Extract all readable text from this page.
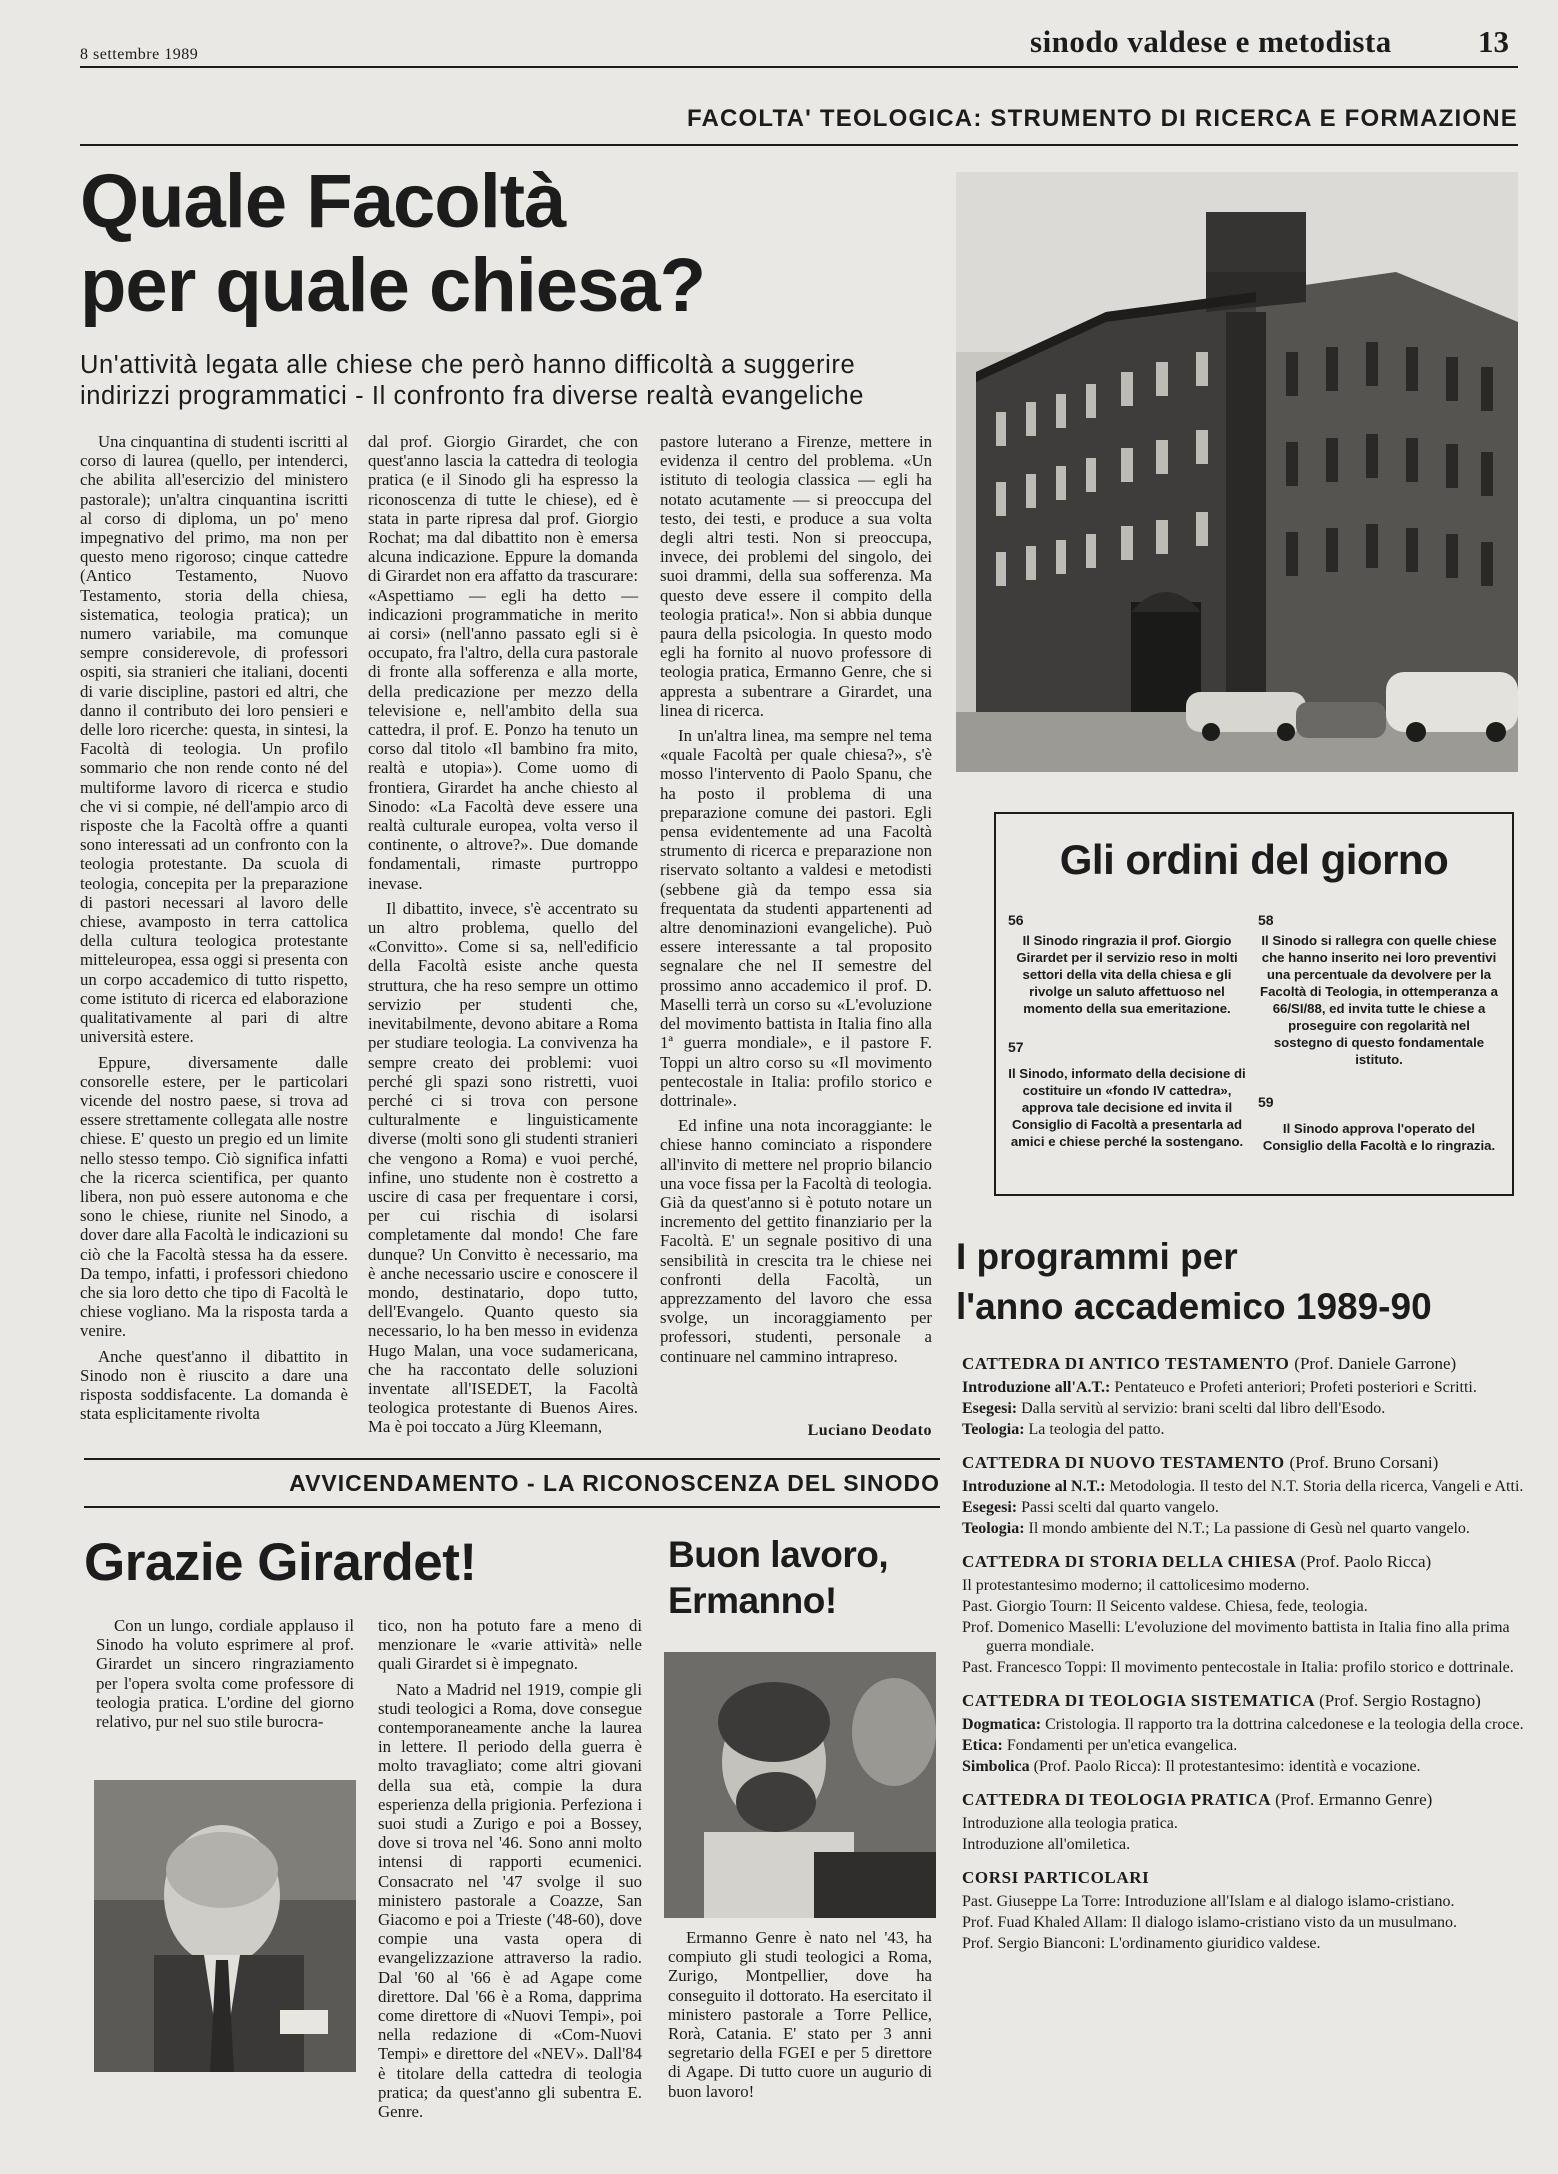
8 settembre 1989	sinodo valdese e metodista	13
FACOLTA' TEOLOGICA: STRUMENTO DI RICERCA E FORMAZIONE
Quale Facoltà
per quale chiesa?
Un'attività legata alle chiese che però hanno difficoltà a suggerire
indirizzi programmatici - Il confronto fra diverse realtà evangeliche

Una cinquantina di studenti iscritti al corso di laurea (quello, per intenderci, che abilita all'esercizio del ministero pastorale); un'altra cinquantina iscritti al corso di diploma, un po' meno impegnativo del primo, ma non per questo meno rigoroso; cinque cattedre (Antico Testamento, Nuovo Testamento, storia della chiesa, sistematica, teologia pratica); un numero variabile, ma comunque sempre considerevole, di professori ospiti, sia stranieri che italiani, docenti di varie discipline, pastori ed altri, che danno il contributo dei loro pensieri e delle loro ricerche: questa, in sintesi, la Facoltà di teologia. Un profilo sommario che non rende conto né del multiforme lavoro di ricerca e studio che vi si compie, né dell'ampio arco di risposte che la Facoltà offre a quanti sono interessati ad un confronto con la teologia protestante. Da scuola di teologia, concepita per la preparazione di pastori necessari al lavoro delle chiese, avamposto in terra cattolica della cultura teologica protestante mitteleuropea, essa oggi si presenta con un corpo accademico di tutto rispetto, come istituto di ricerca ed elaborazione qualitativamente al pari di altre università estere.

Eppure, diversamente dalle consorelle estere, per le particolari vicende del nostro paese, si trova ad essere strettamente collegata alle nostre chiese. E' questo un pregio ed un limite nello stesso tempo. Ciò significa infatti che la ricerca scientifica, per quanto libera, non può essere autonoma e che sono le chiese, riunite nel Sinodo, a dover dare alla Facoltà le indicazioni su ciò che la Facoltà stessa ha da essere. Da tempo, infatti, i professori chiedono che sia loro detto che tipo di Facoltà le chiese vogliano. Ma la risposta tarda a venire.

Anche quest'anno il dibattito in Sinodo non è riuscito a dare una risposta soddisfacente. La domanda è stata esplicitamente rivolta

dal prof. Giorgio Girardet, che con quest'anno lascia la cattedra di teologia pratica (e il Sinodo gli ha espresso la riconoscenza di tutte le chiese), ed è stata in parte ripresa dal prof. Giorgio Rochat; ma dal dibattito non è emersa alcuna indicazione. Eppure la domanda di Girardet non era affatto da trascurare: «Aspettiamo — egli ha detto — indicazioni programmatiche in merito ai corsi» (nell'anno passato egli si è occupato, fra l'altro, della cura pastorale di fronte alla sofferenza e alla morte, della predicazione per mezzo della televisione e, nell'ambito della sua cattedra, il prof. E. Ponzo ha tenuto un corso dal titolo «Il bambino fra mito, realtà e utopia»). Come uomo di frontiera, Girardet ha anche chiesto al Sinodo: «La Facoltà deve essere una realtà culturale europea, volta verso il continente, o altrove?». Due domande fondamentali, rimaste purtroppo inevase.

Il dibattito, invece, s'è accentrato su un altro problema, quello del «Convitto». Come si sa, nell'edificio della Facoltà esiste anche questa struttura, che ha reso sempre un ottimo servizio per studenti che, inevitabilmente, devono abitare a Roma per studiare teologia. La convivenza ha sempre creato dei problemi: vuoi perché gli spazi sono ristretti, vuoi perché ci si trova con persone culturalmente e linguisticamente diverse (molti sono gli studenti stranieri che vengono a Roma) e vuoi perché, infine, uno studente non è costretto a uscire di casa per frequentare i corsi, per cui rischia di isolarsi completamente dal mondo! Che fare dunque? Un Convitto è necessario, ma è anche necessario uscire e conoscere il mondo, destinatario, dopo tutto, dell'Evangelo. Quanto questo sia necessario, lo ha ben messo in evidenza Hugo Malan, una voce sudamericana, che ha raccontato delle soluzioni inventate all'ISEDET, la Facoltà teologica protestante di Buenos Aires. Ma è poi toccato a Jürg Kleemann,

pastore luterano a Firenze, mettere in evidenza il centro del problema. «Un istituto di teologia classica — egli ha notato acutamente — si preoccupa del testo, dei testi, e produce a sua volta degli altri testi. Non si preoccupa, invece, dei problemi del singolo, dei suoi drammi, della sua sofferenza. Ma questo deve essere il compito della teologia pratica!». Non si abbia dunque paura della psicologia. In questo modo egli ha fornito al nuovo professore di teologia pratica, Ermanno Genre, che si appresta a subentrare a Girardet, una linea di ricerca.

In un'altra linea, ma sempre nel tema «quale Facoltà per quale chiesa?», s'è mosso l'intervento di Paolo Spanu, che ha posto il problema di una preparazione comune dei pastori. Egli pensa evidentemente ad una Facoltà strumento di ricerca e preparazione non riservato soltanto a valdesi e metodisti (sebbene già da tempo essa sia frequentata da studenti appartenenti ad altre denominazioni evangeliche). Può essere interessante a tal proposito segnalare che nel II semestre del prossimo anno accademico il prof. D. Maselli terrà un corso su «L'evoluzione del movimento battista in Italia fino alla 1ª guerra mondiale», e il pastore F. Toppi un altro corso su «Il movimento pentecostale in Italia: profilo storico e dottrinale».

Ed infine una nota incoraggiante: le chiese hanno cominciato a rispondere all'invito di mettere nel proprio bilancio una voce fissa per la Facoltà di teologia. Già da quest'anno si è potuto notare un incremento del gettito finanziario per la Facoltà. E' un segnale positivo di una sensibilità in crescita tra le chiese nei confronti della Facoltà, un apprezzamento del lavoro che essa svolge, un incoraggiamento per professori, studenti, personale a continuare nel cammino intrapreso.

Luciano Deodato
Gli ordini del giorno
56

Il Sinodo ringrazia il prof. Giorgio Girardet per il servizio reso in molti settori della vita della chiesa e gli rivolge un saluto affettuoso nel momento della sua emeritazione.

57

Il Sinodo, informato della decisione di costituire un «fondo IV cattedra», approva tale decisione ed invita il Consiglio di Facoltà a presentarla ad amici e chiese perché la sostengano.

58

Il Sinodo si rallegra con quelle chiese che hanno inserito nei loro preventivi una percentuale da devolvere per la Facoltà di Teologia, in ottemperanza a 66/SI/88, ed invita tutte le chiese a proseguire con regolarità nel sostegno di questo fondamentale istituto.

59

Il Sinodo approva l'operato del Consiglio della Facoltà e lo ringrazia.

I programmi per
l'anno accademico 1989-90
CATTEDRA DI ANTICO TESTAMENTO (Prof. Daniele Garrone)
Introduzione all'A.T.: Pentateuco e Profeti anteriori; Profeti posteriori e Scritti.
Esegesi: Dalla servitù al servizio: brani scelti dal libro dell'Esodo.
Teologia: La teologia del patto.
CATTEDRA DI NUOVO TESTAMENTO (Prof. Bruno Corsani)
Introduzione al N.T.: Metodologia. Il testo del N.T. Storia della ricerca, Vangeli e Atti.
Esegesi: Passi scelti dal quarto vangelo.
Teologia: Il mondo ambiente del N.T.; La passione di Gesù nel quarto vangelo.
CATTEDRA DI STORIA DELLA CHIESA (Prof. Paolo Ricca)
Il protestantesimo moderno; il cattolicesimo moderno.
Past. Giorgio Tourn: Il Seicento valdese. Chiesa, fede, teologia.
Prof. Domenico Maselli: L'evoluzione del movimento battista in Italia fino alla prima guerra mondiale.
Past. Francesco Toppi: Il movimento pentecostale in Italia: profilo storico e dottrinale.
CATTEDRA DI TEOLOGIA SISTEMATICA (Prof. Sergio Rostagno)
Dogmatica: Cristologia. Il rapporto tra la dottrina calcedonese e la teologia della croce.
Etica: Fondamenti per un'etica evangelica.
Simbolica (Prof. Paolo Ricca): Il protestantesimo: identità e vocazione.
CATTEDRA DI TEOLOGIA PRATICA (Prof. Ermanno Genre)
Introduzione alla teologia pratica.
Introduzione all'omiletica.
CORSI PARTICOLARI
Past. Giuseppe La Torre: Introduzione all'Islam e al dialogo islamo-cristiano.
Prof. Fuad Khaled Allam: Il dialogo islamo-cristiano visto da un musulmano.
Prof. Sergio Bianconi: L'ordinamento giuridico valdese.
AVVICENDAMENTO - LA RICONOSCENZA DEL SINODO
Grazie Girardet!

Con un lungo, cordiale applauso il Sinodo ha voluto esprimere al prof. Girardet un sincero ringraziamento per l'opera svolta come professore di teologia pratica. L'ordine del giorno relativo, pur nel suo stile burocra-

tico, non ha potuto fare a meno di menzionare le «varie attività» nelle quali Girardet si è impegnato.

Nato a Madrid nel 1919, compie gli studi teologici a Roma, dove consegue contemporaneamente anche la laurea in lettere. Il periodo della guerra è molto travagliato; come altri giovani della sua età, compie la dura esperienza della prigionia. Perfeziona i suoi studi a Zurigo e poi a Bossey, dove si trova nel '46. Sono anni molto intensi di rapporti ecumenici. Consacrato nel '47 svolge il suo ministero pastorale a Coazze, San Giacomo e poi a Trieste ('48-60), dove compie una vasta opera di evangelizzazione attraverso la radio. Dal '60 al '66 è ad Agape come direttore. Dal '66 è a Roma, dapprima come direttore di «Nuovi Tempi», poi nella redazione di «Com-Nuovi Tempi» e direttore del «NEV». Dall'84 è titolare della cattedra di teologia pratica; da quest'anno gli subentra E. Genre.

Buon lavoro,
Ermanno!

Ermanno Genre è nato nel '43, ha compiuto gli studi teologici a Roma, Zurigo, Montpellier, dove ha conseguito il dottorato. Ha esercitato il ministero pastorale a Torre Pellice, Rorà, Catania. E' stato per 3 anni segretario della FGEI e per 5 direttore di Agape. Di tutto cuore un augurio di buon lavoro!
